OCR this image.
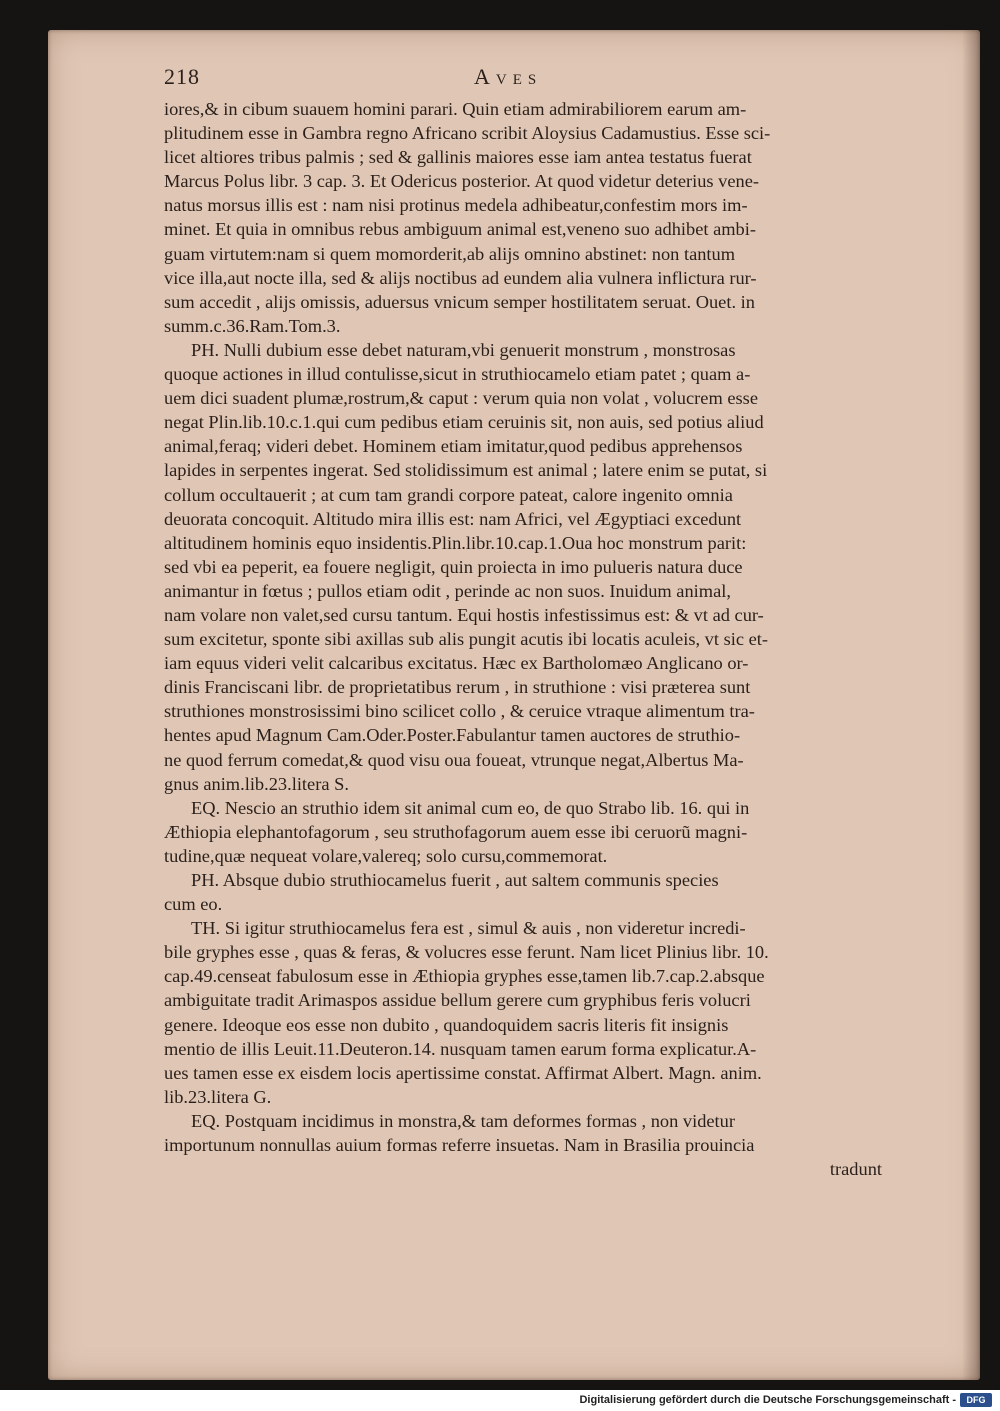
218	Aves
iores,& in cibum suauem homini parari. Quin etiam admirabiliorem earum am-
plitudinem esse in Gambra regno Africano scribit Aloysius Cadamustius. Esse sci-
licet altiores tribus palmis ; sed & gallinis maiores esse iam antea testatus fuerat
Marcus Polus libr. 3 cap. 3. Et Odericus posterior. At quod videtur deterius vene-
natus morsus illis est : nam nisi protinus medela adhibeatur,confestim mors im-
minet. Et quia in omnibus rebus ambiguum animal est,veneno suo adhibet ambi-
guam virtutem:nam si quem momorderit,ab alijs omnino abstinet: non tantum
vice illa,aut nocte illa, sed & alijs noctibus ad eundem alia vulnera inflictura rur-
sum accedit , alijs omissis, aduersus vnicum semper hostilitatem seruat. Ouet. in
summ.c.36.Ram.Tom.3.
PH. Nulli dubium esse debet naturam,vbi genuerit monstrum , monstrosas
quoque actiones in illud contulisse,sicut in struthiocamelo etiam patet ; quam a-
uem dici suadent plumæ,rostrum,& caput : verum quia non volat , volucrem esse
negat Plin.lib.10.c.1.qui cum pedibus etiam ceruinis sit, non auis, sed potius aliud
animal,feraq; videri debet. Hominem etiam imitatur,quod pedibus apprehensos
lapides in serpentes ingerat. Sed stolidissimum est animal ; latere enim se putat, si
collum occultauerit ; at cum tam grandi corpore pateat, calore ingenito omnia
deuorata concoquit. Altitudo mira illis est: nam Africi, vel Ægyptiaci excedunt
altitudinem hominis equo insidentis.Plin.libr.10.cap.1.Oua hoc monstrum parit:
sed vbi ea peperit, ea fouere negligit, quin proiecta in imo pulueris natura duce
animantur in fœtus ; pullos etiam odit , perinde ac non suos. Inuidum animal,
nam volare non valet,sed cursu tantum. Equi hostis infestissimus est: & vt ad cur-
sum excitetur, sponte sibi axillas sub alis pungit acutis ibi locatis aculeis, vt sic et-
iam equus videri velit calcaribus excitatus. Hæc ex Bartholomæo Anglicano or-
dinis Franciscani libr. de proprietatibus rerum , in struthione : visi præterea sunt
struthiones monstrosissimi bino scilicet collo , & ceruice vtraque alimentum tra-
hentes apud Magnum Cam.Oder.Poster.Fabulantur tamen auctores de struthio-
ne quod ferrum comedat,& quod visu oua foueat, vtrunque negat,Albertus Ma-
gnus anim.lib.23.litera S.
EQ. Nescio an struthio idem sit animal cum eo, de quo Strabo lib. 16. qui in
Æthiopia elephantofagorum , seu struthofagorum auem esse ibi ceruorũ magni-
tudine,quæ nequeat volare,valereq; solo cursu,commemorat.
PH. Absque dubio struthiocamelus fuerit , aut saltem communis species
cum eo.
TH. Si igitur struthiocamelus fera est , simul & auis , non videretur incredi-
bile gryphes esse , quas & feras, & volucres esse ferunt. Nam licet Plinius libr. 10.
cap.49.censeat fabulosum esse in Æthiopia gryphes esse,tamen lib.7.cap.2.absque
ambiguitate tradit Arimaspos assidue bellum gerere cum gryphibus feris volucri
genere. Ideoque eos esse non dubito , quandoquidem sacris literis fit insignis
mentio de illis Leuit.11.Deuteron.14. nusquam tamen earum forma explicatur.A-
ues tamen esse ex eisdem locis apertissime constat. Affirmat Albert. Magn. anim.
lib.23.litera G.
EQ. Postquam incidimus in monstra,& tam deformes formas , non videtur
importunum nonnullas auium formas referre insuetas. Nam in Brasilia prouincia
tradunt
Digitalisierung gefördert durch die Deutsche Forschungsgemeinschaft -	DFG
